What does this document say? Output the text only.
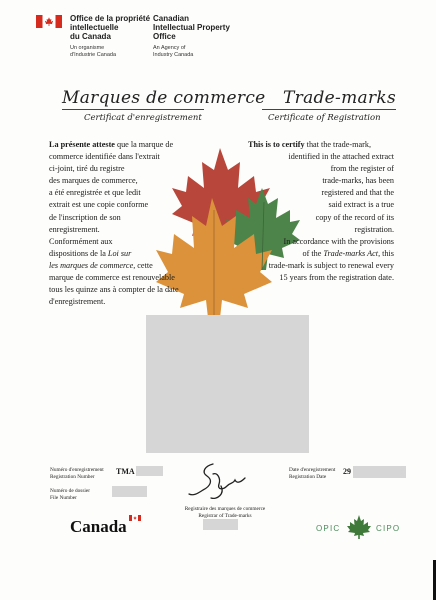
Office de la propriété
intellectuelle
du Canada
Un organisme
d'Industrie Canada
Canadian
Intellectual Property
Office
An Agency of
Industry Canada
Marques de commerce
Certificat d'enregistrement
Trade-marks
Certificate of Registration

La présente atteste que la marque de

commerce identifiée dans l'extrait

ci-joint, tiré du registre

des marques de commerce,

a été enregistrée et que ledit

extrait est une copie conforme

de l'inscription de son

enregistrement.

Conformément aux

dispositions de la Loi sur

les marques de commerce, cette

marque de commerce est renouvelable

tous les quinze ans à compter de la date

d'enregistrement.

This is to certify that the trade-mark,

identified in the attached extract

from the register of

trade-marks, has been

registered and that the

said extract is a true

copy of the record of its

registration.

In accordance with the provisions

of the Trade-marks Act, this

trade-mark is subject to renewal every

15 years from the registration date.

Numéro d'enregistrement
Registration Number
TMA
Numéro de dossier
File Number
Date d'enregistrement
Registration Date
29
Registraire des marques de commerce
Registrar of Trade-marks
Canada	OPIC	CIPO
